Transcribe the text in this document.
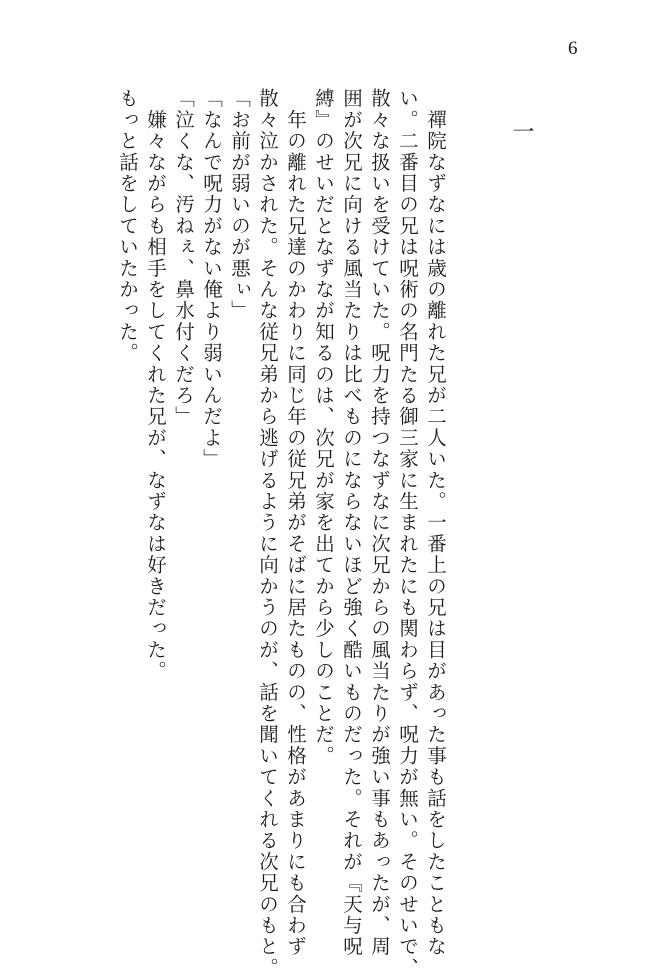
6
一

　禪院なずなには歳の離れた兄が二人いた。一番上の兄は目があった事も話をしたこともな

い。二番目の兄は呪術の名門たる御三家に生まれたにも関わらず、呪力が無い。そのせいで、

散々な扱いを受けていた。呪力を持つなずなに次兄からの風当たりが強い事もあったが、周

囲が次兄に向ける風当たりは比べものにならないほど強く酷いものだった。それが『天与呪

縛』のせいだとなずなが知るのは、次兄が家を出てから少しのことだ。

　年の離れた兄達のかわりに同じ年の従兄弟がそばに居たものの、性格があまりにも合わず

散々泣かされた。そんな従兄弟から逃げるように向かうのが、話を聞いてくれる次兄のもと。

「お前が弱いのが悪ぃ」

「なんで呪力がない俺より弱いんだよ」

「泣くな、汚ねぇ、鼻水付くだろ」

　嫌々ながらも相手をしてくれた兄が、なずなは好きだった。

もっと話をしていたかった。
